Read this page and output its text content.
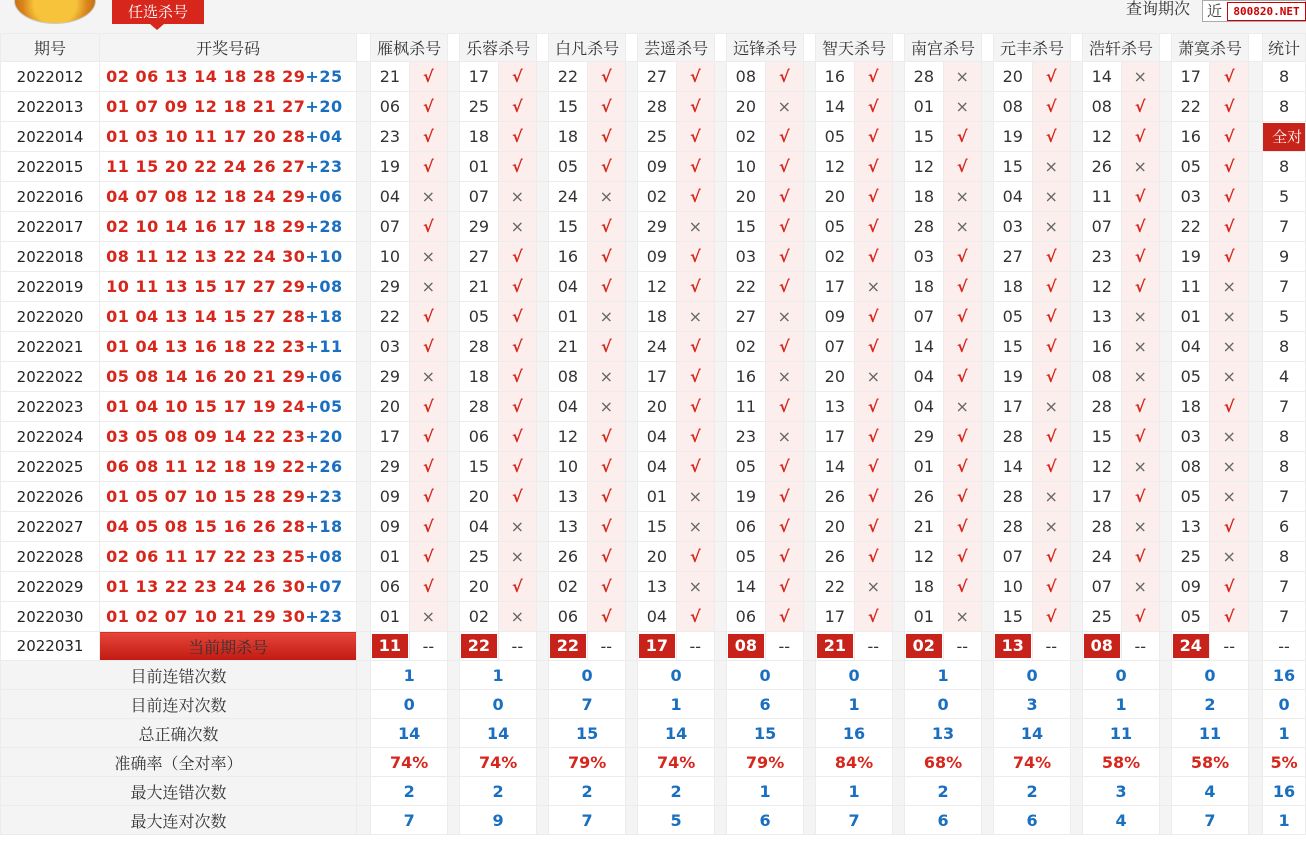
任选杀号	查询期次	近	800820.NET
期号	开奖号码		雁枫杀号			乐蓉杀号			白凡杀号			芸遥杀号			远锋杀号			智天杀号			南宫杀号			元丰杀号			浩轩杀号			萧寞杀号			统计
2022012	02 06 13 14 18 28 29+25		21	√		17	√		22	√		27	√		08	√		16	√		28	×		20	√		14	×		17	√		8
2022013	01 07 09 12 18 21 27+20		06	√		25	√		15	√		28	√		20	×		14	√		01	×		08	√		08	√		22	√		8
2022014	01 03 10 11 17 20 28+04		23	√		18	√		18	√		25	√		02	√		05	√		15	√		19	√		12	√		16	√		全对
2022015	11 15 20 22 24 26 27+23		19	√		01	√		05	√		09	√		10	√		12	√		12	√		15	×		26	×		05	√		8
2022016	04 07 08 12 18 24 29+06		04	×		07	×		24	×		02	√		20	√		20	√		18	×		04	×		11	√		03	√		5
2022017	02 10 14 16 17 18 29+28		07	√		29	×		15	√		29	×		15	√		05	√		28	×		03	×		07	√		22	√		7
2022018	08 11 12 13 22 24 30+10		10	×		27	√		16	√		09	√		03	√		02	√		03	√		27	√		23	√		19	√		9
2022019	10 11 13 15 17 27 29+08		29	×		21	√		04	√		12	√		22	√		17	×		18	√		18	√		12	√		11	×		7
2022020	01 04 13 14 15 27 28+18		22	√		05	√		01	×		18	×		27	×		09	√		07	√		05	√		13	×		01	×		5
2022021	01 04 13 16 18 22 23+11		03	√		28	√		21	√		24	√		02	√		07	√		14	√		15	√		16	×		04	×		8
2022022	05 08 14 16 20 21 29+06		29	×		18	√		08	×		17	√		16	×		20	×		04	√		19	√		08	×		05	×		4
2022023	01 04 10 15 17 19 24+05		20	√		28	√		04	×		20	√		11	√		13	√		04	×		17	×		28	√		18	√		7
2022024	03 05 08 09 14 22 23+20		17	√		06	√		12	√		04	√		23	×		17	√		29	√		28	√		15	√		03	×		8
2022025	06 08 11 12 18 19 22+26		29	√		15	√		10	√		04	√		05	√		14	√		01	√		14	√		12	×		08	×		8
2022026	01 05 07 10 15 28 29+23		09	√		20	√		13	√		01	×		19	√		26	√		26	√		28	×		17	√		05	×		7
2022027	04 05 08 15 16 26 28+18		09	√		04	×		13	√		15	×		06	√		20	√		21	√		28	×		28	×		13	√		6
2022028	02 06 11 17 22 23 25+08		01	√		25	×		26	√		20	√		05	√		26	√		12	√		07	√		24	√		25	×		8
2022029	01 13 22 23 24 26 30+07		06	√		20	√		02	√		13	×		14	√		22	×		18	√		10	√		07	×		09	√		7
2022030	01 02 07 10 21 29 30+23		01	×		02	×		06	√		04	√		06	√		17	√		01	×		15	√		25	√		05	√		7
2022031	当前期杀号		11	--		22	--		22	--		17	--		08	--		21	--		02	--		13	--		08	--		24	--		--
目前连错次数			1			1			0			0			0			0			1			0			0			0			16
目前连对次数			0			0			7			1			6			1			0			3			1			2			0
总正确次数			14			14			15			14			15			16			13			14			11			11			1
准确率（全对率）			74%			74%			79%			74%			79%			84%			68%			74%			58%			58%			5%
最大连错次数			2			2			2			2			1			1			2			2			3			4			16
最大连对次数			7			9			7			5			6			7			6			6			4			7			1
